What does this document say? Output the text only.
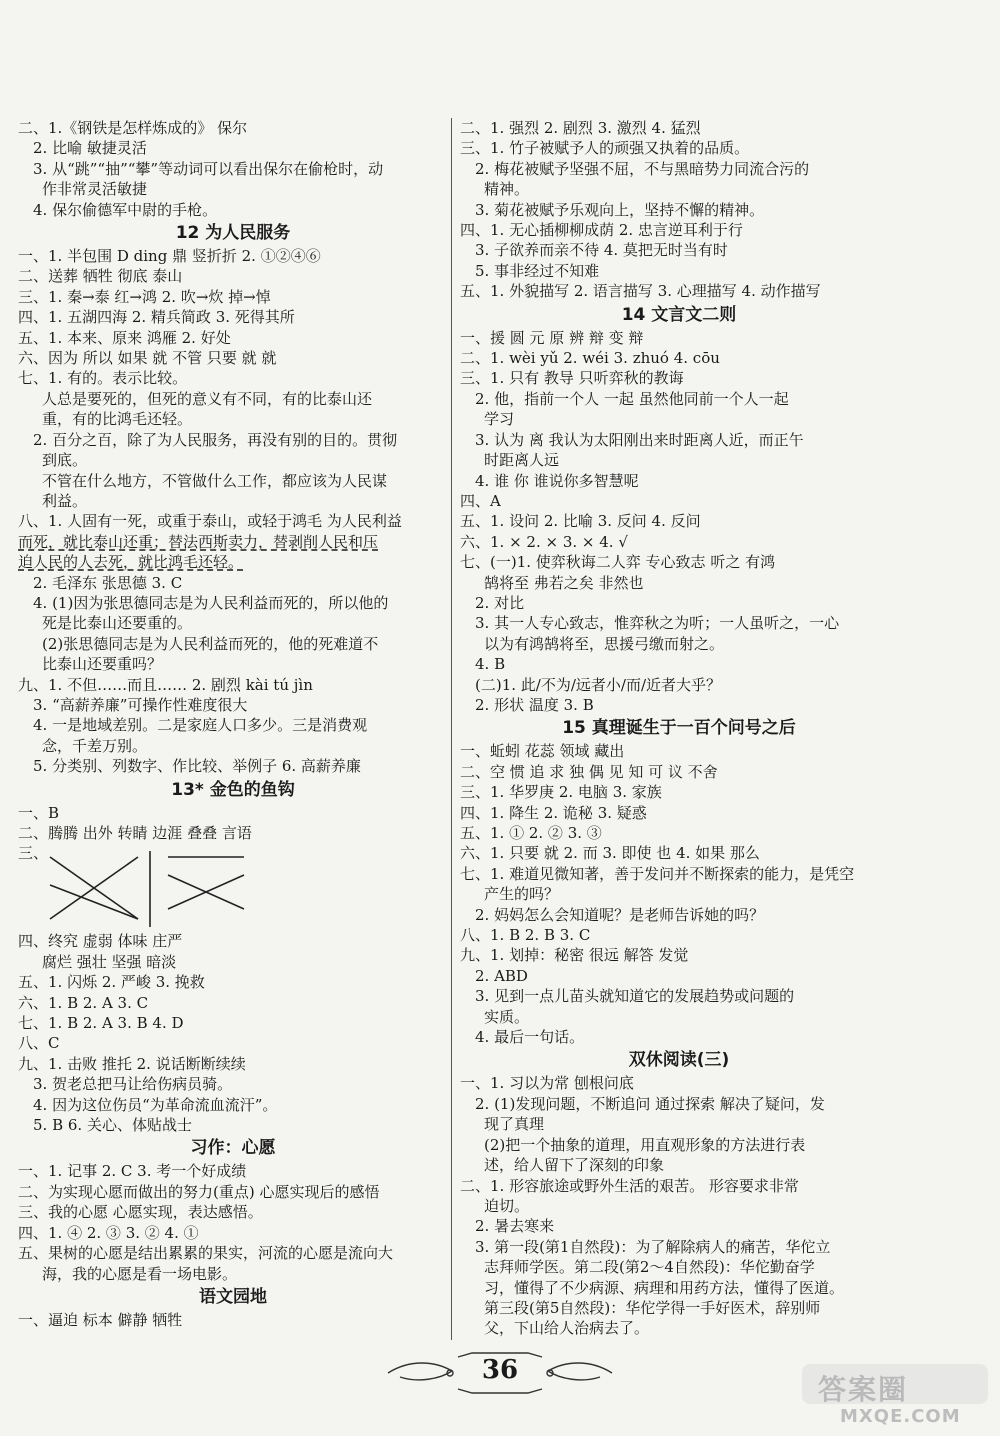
二、1.《钢铁是怎样炼成的》 保尔
2. 比喻 敏捷灵活
3. 从“跳”“抽”“攀”等动词可以看出保尔在偷枪时，动
作非常灵活敏捷
4. 保尔偷德军中尉的手枪。
12 为人民服务
一、1. 半包围 D ding 鼎 竖折折 2. ①②④⑥
二、送葬 牺牲 彻底 泰山
三、1. 秦→泰 红→鸿 2. 吹→炊 掉→悼
四、1. 五湖四海 2. 精兵简政 3. 死得其所
五、1. 本来、原来 鸿雁 2. 好处
六、因为 所以 如果 就 不管 只要 就 就
七、1. 有的。表示比较。
人总是要死的，但死的意义有不同，有的比泰山还
重，有的比鸿毛还轻。
2. 百分之百，除了为人民服务，再没有别的目的。贯彻
到底。
不管在什么地方，不管做什么工作，都应该为人民谋
利益。
八、1. 人固有一死，或重于泰山，或轻于鸿毛 为人民利益
而死，就比泰山还重；替法西斯卖力，替剥削人民和压
迫人民的人去死，就比鸿毛还轻。
2. 毛泽东 张思德 3. C
4. (1)因为张思德同志是为人民利益而死的，所以他的
死是比泰山还要重的。
(2)张思德同志是为人民利益而死的，他的死难道不
比泰山还要重吗？
九、1. 不但……而且…… 2. 剧烈 kài tú jìn
3. “高薪养廉”可操作性难度很大
4. 一是地域差别。二是家庭人口多少。三是消费观
念，千差万别。
5. 分类别、列数字、作比较、举例子 6. 高薪养廉
13* 金色的鱼钩
一、B
二、腾腾 出外 转睛 边涯 叠叠 言语
三、
四、终究 虚弱 体味 庄严
腐烂 强壮 坚强 暗淡
五、1. 闪烁 2. 严峻 3. 挽救
六、1. B 2. A 3. C
七、1. B 2. A 3. B 4. D
八、C
九、1. 击败 推托 2. 说话断断续续
3. 贺老总把马让给伤病员骑。
4. 因为这位伤员“为革命流血流汗”。
5. B 6. 关心、体贴战士
习作：心愿
一、1. 记事 2. C 3. 考一个好成绩
二、为实现心愿而做出的努力(重点) 心愿实现后的感悟
三、我的心愿 心愿实现，表达感悟。
四、1. ④ 2. ③ 3. ② 4. ①
五、果树的心愿是结出累累的果实，河流的心愿是流向大
海，我的心愿是看一场电影。
语文园地
一、逼迫 标本 僻静 牺牲
二、1. 强烈 2. 剧烈 3. 激烈 4. 猛烈
三、1. 竹子被赋予人的顽强又执着的品质。
2. 梅花被赋予坚强不屈，不与黑暗势力同流合污的
精神。
3. 菊花被赋予乐观向上，坚持不懈的精神。
四、1. 无心插柳柳成荫 2. 忠言逆耳利于行
3. 子欲养而亲不待 4. 莫把无时当有时
5. 事非经过不知难
五、1. 外貌描写 2. 语言描写 3. 心理描写 4. 动作描写
14 文言文二则
一、援 圆 元 原 辨 辩 变 辩
二、1. wèi yǔ 2. wéi 3. zhuó 4. cōu
三、1. 只有 教导 只听弈秋的教诲
2. 他，指前一个人 一起 虽然他同前一个人一起
学习
3. 认为 离 我认为太阳刚出来时距离人近，而正午
时距离人远
4. 谁 你 谁说你多智慧呢
四、A
五、1. 设问 2. 比喻 3. 反问 4. 反问
六、1. × 2. × 3. × 4. √
七、(一)1. 使弈秋诲二人弈 专心致志 听之 有鸿
鹄将至 弗若之矣 非然也
2. 对比
3. 其一人专心致志，惟弈秋之为听；一人虽听之，一心
以为有鸿鹄将至，思援弓缴而射之。
4. B
(二)1. 此/不为/远者小/而/近者大乎？
2. 形状 温度 3. B
15 真理诞生于一百个问号之后
一、蚯蚓 花蕊 领域 藏出
二、空 惯 追 求 独 偶 见 知 可 议 不舍
三、1. 华罗庚 2. 电脑 3. 家族
四、1. 降生 2. 诡秘 3. 疑惑
五、1. ① 2. ② 3. ③
六、1. 只要 就 2. 而 3. 即使 也 4. 如果 那么
七、1. 难道见微知著，善于发问并不断探索的能力，是凭空
产生的吗？
2. 妈妈怎么会知道呢？是老师告诉她的吗？
八、1. B 2. B 3. C
九、1. 划掉：秘密 很远 解答 发觉
2. ABD
3. 见到一点儿苗头就知道它的发展趋势或问题的
实质。
4. 最后一句话。
双休阅读(三)
一、1. 习以为常 刨根问底
2. (1)发现问题，不断追问 通过探索 解决了疑问，发
现了真理
(2)把一个抽象的道理，用直观形象的方法进行表
述，给人留下了深刻的印象
二、1. 形容旅途或野外生活的艰苦。 形容要求非常
迫切。
2. 暑去寒来
3. 第一段(第1自然段)：为了解除病人的痛苦，华佗立
志拜师学医。第二段(第2～4自然段)：华佗勤奋学
习，懂得了不少病源、病理和用药方法，懂得了医道。
第三段(第5自然段)：华佗学得一手好医术，辞别师
父，下山给人治病去了。
36
答案圈
MXQE.COM
